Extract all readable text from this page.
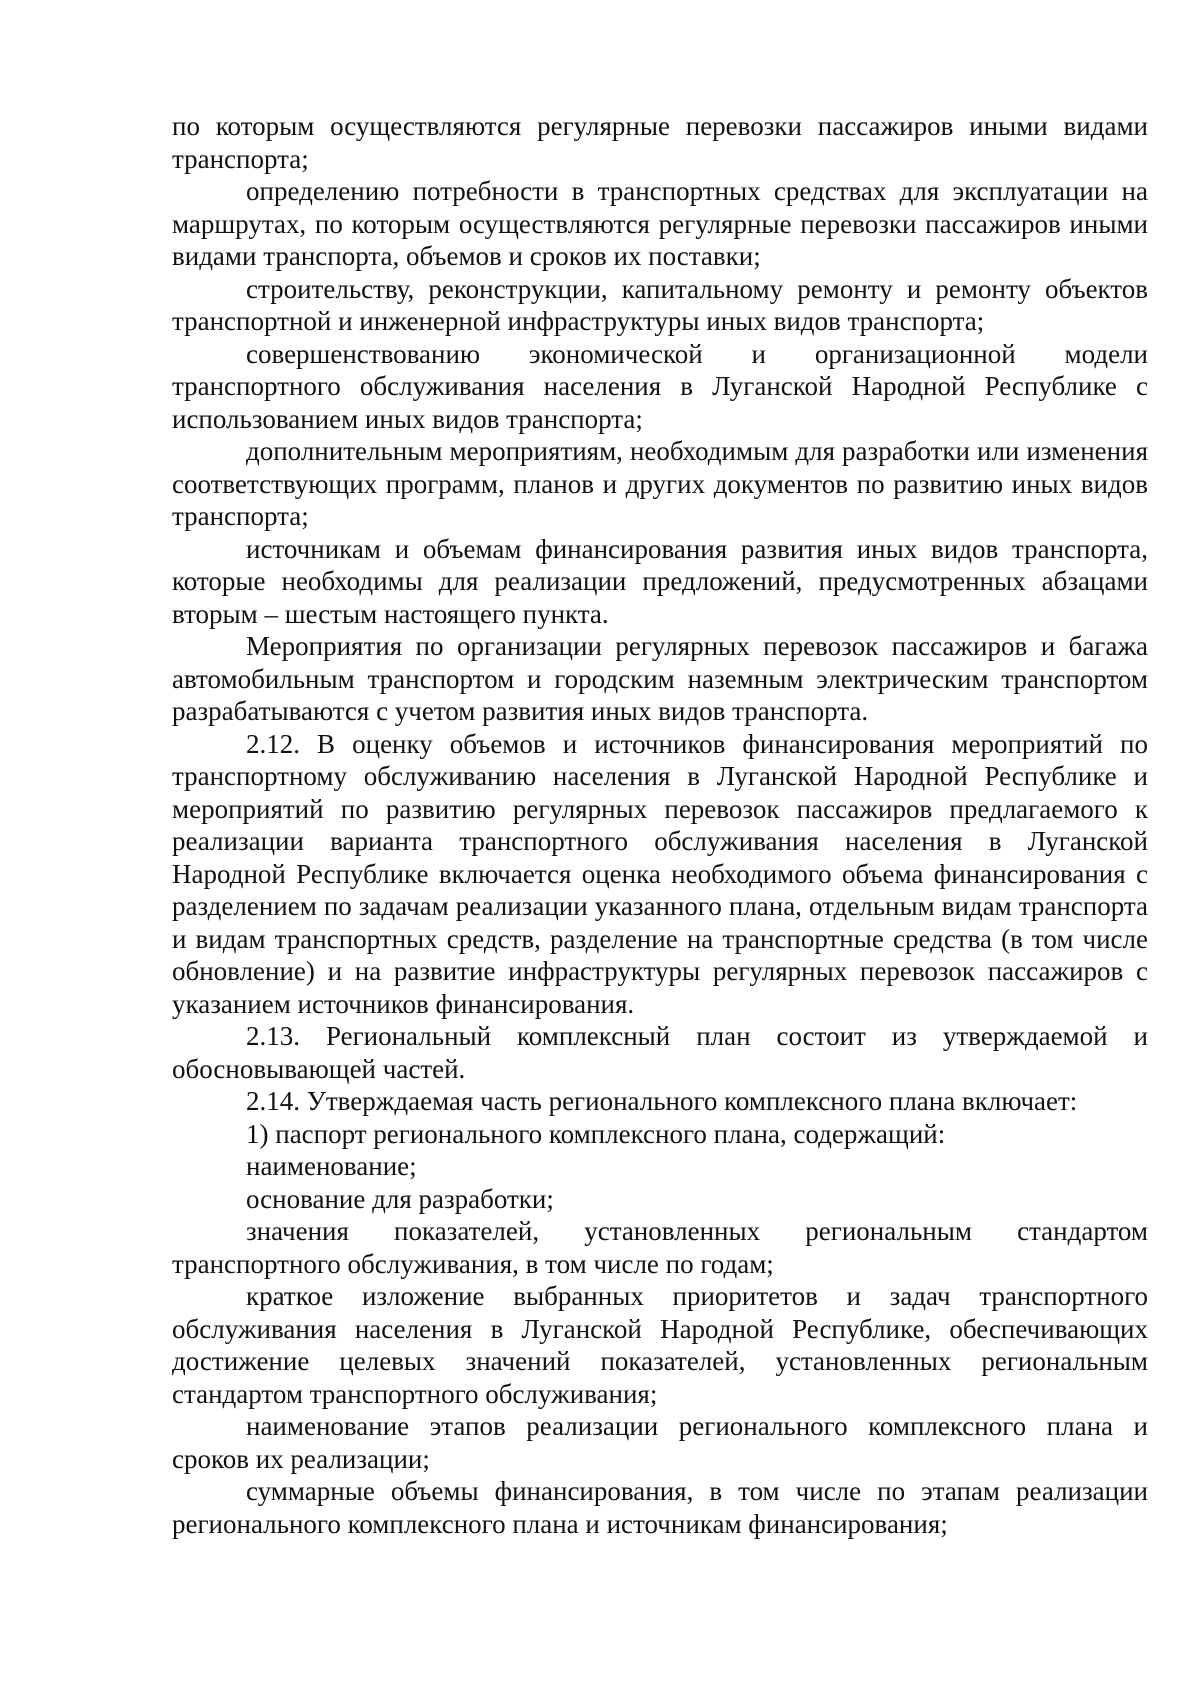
по которым осуществляются регулярные перевозки пассажиров иными видами транспорта;

определению потребности в транспортных средствах для эксплуатации на маршрутах, по которым осуществляются регулярные перевозки пассажиров иными видами транспорта, объемов и сроков их поставки;

строительству, реконструкции, капитальному ремонту и ремонту объектов транспортной и инженерной инфраструктуры иных видов транспорта;

совершенствованию экономической и организационной модели транспортного обслуживания населения в Луганской Народной Республике с использованием иных видов транспорта;

дополнительным мероприятиям, необходимым для разработки или изменения соответствующих программ, планов и других документов по развитию иных видов транспорта;

источникам и объемам финансирования развития иных видов транспорта, которые необходимы для реализации предложений, предусмотренных абзацами вторым – шестым настоящего пункта.

Мероприятия по организации регулярных перевозок пассажиров и багажа автомобильным транспортом и городским наземным электрическим транспортом разрабатываются с учетом развития иных видов транспорта.

2.12. В оценку объемов и источников финансирования мероприятий по транспортному обслуживанию населения в Луганской Народной Республике и мероприятий по развитию регулярных перевозок пассажиров предлагаемого к реализации варианта транспортного обслуживания населения в Луганской Народной Республике включается оценка необходимого объема финансирования с разделением по задачам реализации указанного плана, отдельным видам транспорта и видам транспортных средств, разделение на транспортные средства (в том числе обновление) и на развитие инфраструктуры регулярных перевозок пассажиров с указанием источников финансирования.

2.13. Региональный комплексный план состоит из утверждаемой и обосновывающей частей.

2.14. Утверждаемая часть регионального комплексного плана включает:

1) паспорт регионального комплексного плана, содержащий:

наименование;

основание для разработки;

значения показателей, установленных региональным стандартом транспортного обслуживания, в том числе по годам;

краткое изложение выбранных приоритетов и задач транспортного обслуживания населения в Луганской Народной Республике, обеспечивающих достижение целевых значений показателей, установленных региональным стандартом транспортного обслуживания;

наименование этапов реализации регионального комплексного плана и сроков их реализации;

суммарные объемы финансирования, в том числе по этапам реализации регионального комплексного плана и источникам финансирования;
